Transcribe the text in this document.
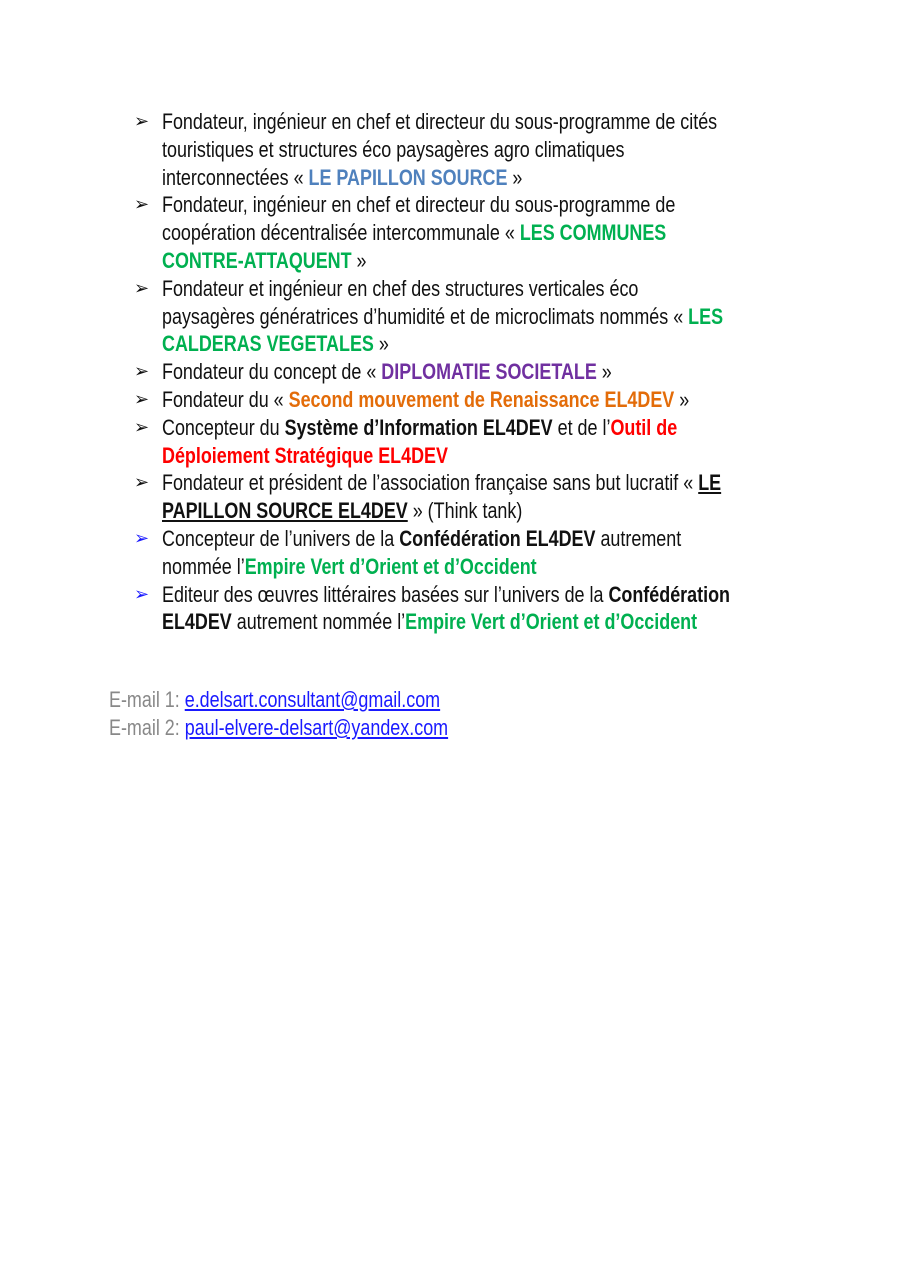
➢ Fondateur, ingénieur en chef et directeur du sous-programme de cités
touristiques et structures éco paysagères agro climatiques
interconnectées « LE PAPILLON SOURCE »
➢ Fondateur, ingénieur en chef et directeur du sous-programme de
coopération décentralisée intercommunale « LES COMMUNES
CONTRE-ATTAQUENT »
➢ Fondateur et ingénieur en chef des structures verticales éco
paysagères génératrices d’humidité et de microclimats nommés « LES
CALDERAS VEGETALES »
➢ Fondateur du concept de « DIPLOMATIE SOCIETALE »
➢ Fondateur du « Second mouvement de Renaissance EL4DEV »
➢ Concepteur du Système d’Information EL4DEV et de l’Outil de
Déploiement Stratégique EL4DEV
➢ Fondateur et président de l’association française sans but lucratif « LE
PAPILLON SOURCE EL4DEV » (Think tank)
➢ Concepteur de l’univers de la Confédération EL4DEV autrement
nommée l’Empire Vert d’Orient et d’Occident
➢ Editeur des œuvres littéraires basées sur l’univers de la Confédération
EL4DEV autrement nommée l’Empire Vert d’Orient et d’Occident
E-mail 1: e.delsart.consultant@gmail.com
E-mail 2: paul-elvere-delsart@yandex.com
